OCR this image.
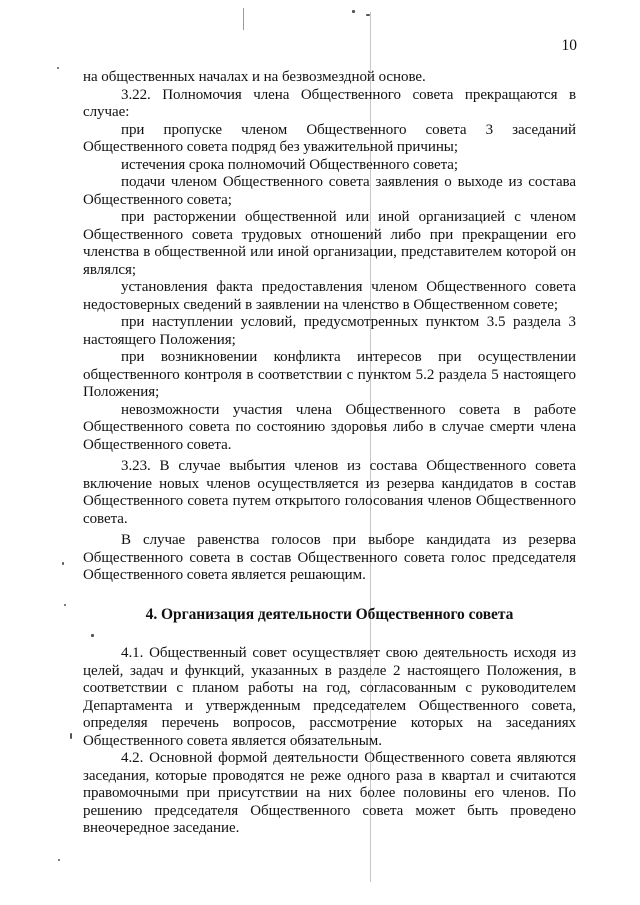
10

на общественных началах и на безвозмездной основе.

3.22. Полномочия члена Общественного совета прекращаются в случае:

при пропуске членом Общественного совета 3 заседаний Общественного совета подряд без уважительной причины;

истечения срока полномочий Общественного совета;

подачи членом Общественного совета заявления о выходе из состава Общественного совета;

при расторжении общественной или иной организацией с членом Общественного совета трудовых отношений либо при прекращении его членства в общественной или иной организации, представителем которой он являлся;

установления факта предоставления членом Общественного совета недостоверных сведений в заявлении на членство в Общественном совете;

при наступлении условий, предусмотренных пунктом 3.5 раздела 3 настоящего Положения;

при возникновении конфликта интересов при осуществлении общественного контроля в соответствии с пунктом 5.2 раздела 5 настоящего Положения;

невозможности участия члена Общественного совета в работе Общественного совета по состоянию здоровья либо в случае смерти члена Общественного совета.

3.23. В случае выбытия членов из состава Общественного совета включение новых членов осуществляется из резерва кандидатов в состав Общественного совета путем открытого голосования членов Общественного совета.

В случае равенства голосов при выборе кандидата из резерва Общественного совета в состав Общественного совета голос председателя Общественного совета является решающим.

4. Организация деятельности Общественного совета

4.1. Общественный совет осуществляет свою деятельность исходя из целей, задач и функций, указанных в разделе 2 настоящего Положения, в соответствии с планом работы на год, согласованным с руководителем Департамента и утвержденным председателем Общественного совета, определяя перечень вопросов, рассмотрение которых на заседаниях Общественного совета является обязательным.

4.2. Основной формой деятельности Общественного совета являются заседания, которые проводятся не реже одного раза в квартал и считаются правомочными при присутствии на них более половины его членов. По решению председателя Общественного совета может быть проведено внеочередное заседание.
